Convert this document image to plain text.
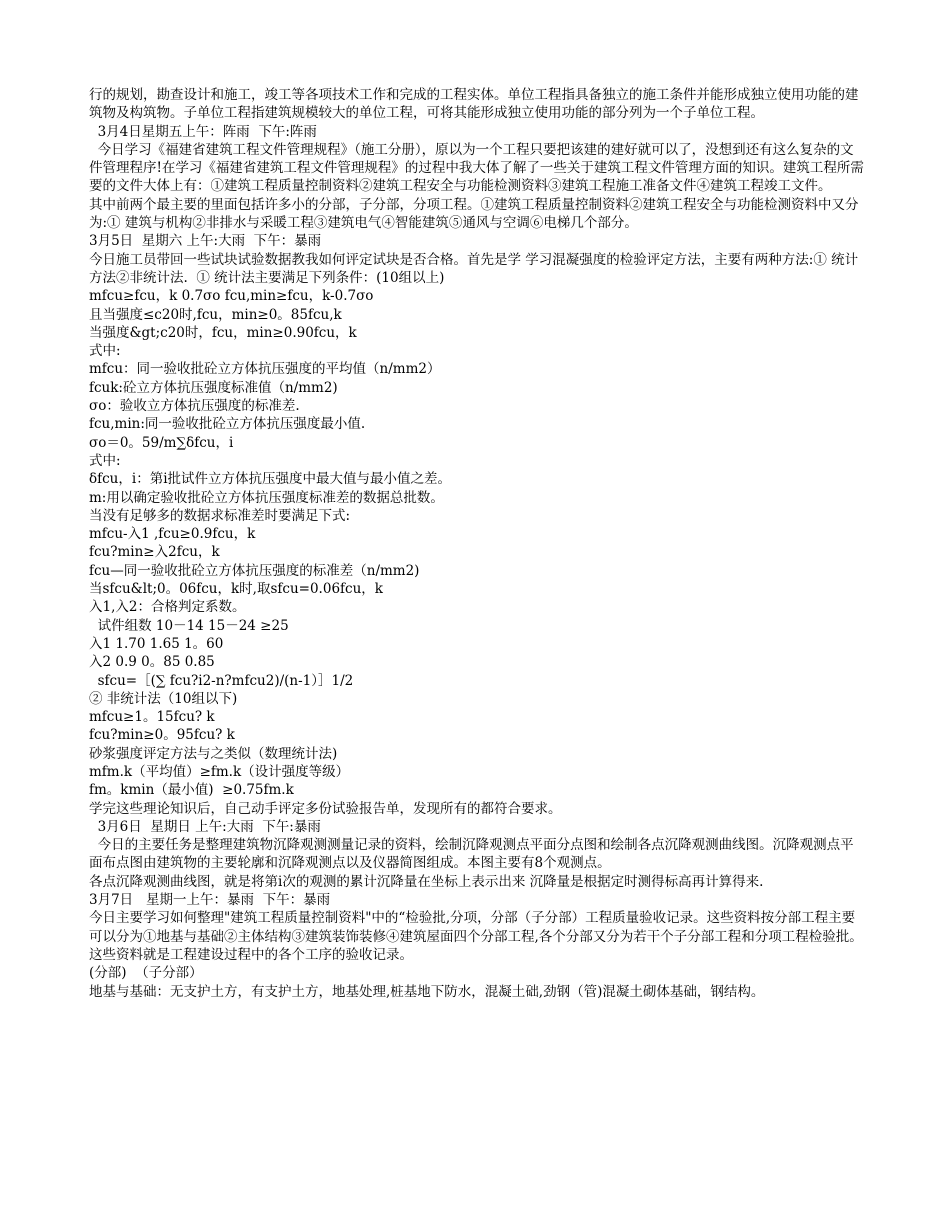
行的规划，勘查设计和施工，竣工等各项技术工作和完成的工程实体。单位工程指具备独立的施工条件并能形成独立使用功能的建筑物及构筑物。子单位工程指建筑规模较大的单位工程，可将其能形成独立使用功能的部分列为一个子单位工程。

3月4日星期五上午：阵雨  下午:阵雨

今日学习《福建省建筑工程文件管理规程》（施工分册），原以为一个工程只要把该建的建好就可以了，没想到还有这么复杂的文件管理程序!在学习《福建省建筑工程文件管理规程》的过程中我大体了解了一些关于建筑工程文件管理方面的知识。建筑工程所需要的文件大体上有：①建筑工程质量控制资料②建筑工程安全与功能检测资料③建筑工程施工准备文件④建筑工程竣工文件。

其中前两个最主要的里面包括许多小的分部，子分部，分项工程。①建筑工程质量控制资料②建筑工程安全与功能检测资料中又分为:① 建筑与机构②非排水与采暖工程③建筑电气④智能建筑⑤通风与空调⑥电梯几个部分。

3月5日  星期六 上午:大雨  下午：暴雨

今日施工员带回一些试块试验数据教我如何评定试块是否合格。首先是学 学习混凝强度的检验评定方法，主要有两种方法:① 统计方法②非统计法.  ① 统计法主要满足下列条件：(10组以上)

mfcu≥fcu，k 0.7σo fcu,min≥fcu，k-0.7σo

且当强度≤c20时,fcu，min≥0。85fcu,k

当强度&gt;c20时，fcu，min≥0.90fcu，k

式中:

mfcu：同一验收批砼立方体抗压强度的平均值（n/mm2）

fcuk:砼立方体抗压强度标准值（n/mm2)

σo：验收立方体抗压强度的标准差.

fcu,min:同一验收批砼立方体抗压强度最小值.

σo＝0。59/m∑δfcu，i

式中:

δfcu，i：第i批试件立方体抗压强度中最大值与最小值之差。

m:用以确定验收批砼立方体抗压强度标准差的数据总批数。

当没有足够多的数据求标准差时要满足下式:

mfcu-入1 ,fcu≥0.9fcu，k

fcu?min≥入2fcu，k

fcu—同一验收批砼立方体抗压强度的标准差（n/mm2)

当sfcu&lt;0。06fcu，k时,取sfcu=0.06fcu，k

入1,入2：合格判定系数。

试件组数 10－14 15－24 ≥25

入1 1.70 1.65 1。60

入2 0.9 0。85 0.85

sfcu=［(∑ fcu?i2-n?mfcu2)/(n-1）］1/2

② 非统计法（10组以下)

mfcu≥1。15fcu? k

fcu?min≥0。95fcu? k

砂浆强度评定方法与之类似（数理统计法)

mfm.k（平均值）≥fm.k（设计强度等级）

fm。kmin（最小值)  ≥0.75fm.k

学完这些理论知识后，自己动手评定多份试验报告单，发现所有的都符合要求。

3月6日  星期日 上午:大雨  下午:暴雨

今日的主要任务是整理建筑物沉降观测测量记录的资料，绘制沉降观测点平面分点图和绘制各点沉降观测曲线图。沉降观测点平面布点图由建筑物的主要轮廓和沉降观测点以及仪器简图组成。本图主要有8个观测点。

各点沉降观测曲线图，就是将第i次的观测的累计沉降量在坐标上表示出来 沉降量是根据定时测得标高再计算得来.

3月7日   星期一上午：暴雨  下午：暴雨

今日主要学习如何整理"建筑工程质量控制资料"中的“检验批,分项，分部（子分部）工程质量验收记录。这些资料按分部工程主要可以分为①地基与基础②主体结构③建筑装饰装修④建筑屋面四个分部工程,各个分部又分为若干个子分部工程和分项工程检验批。

这些资料就是工程建设过程中的各个工序的验收记录。

(分部)  （子分部）

地基与基础：无支护土方，有支护土方，地基处理,桩基地下防水，混凝土础,劲钢（管)混凝土砌体基础，钢结构。
